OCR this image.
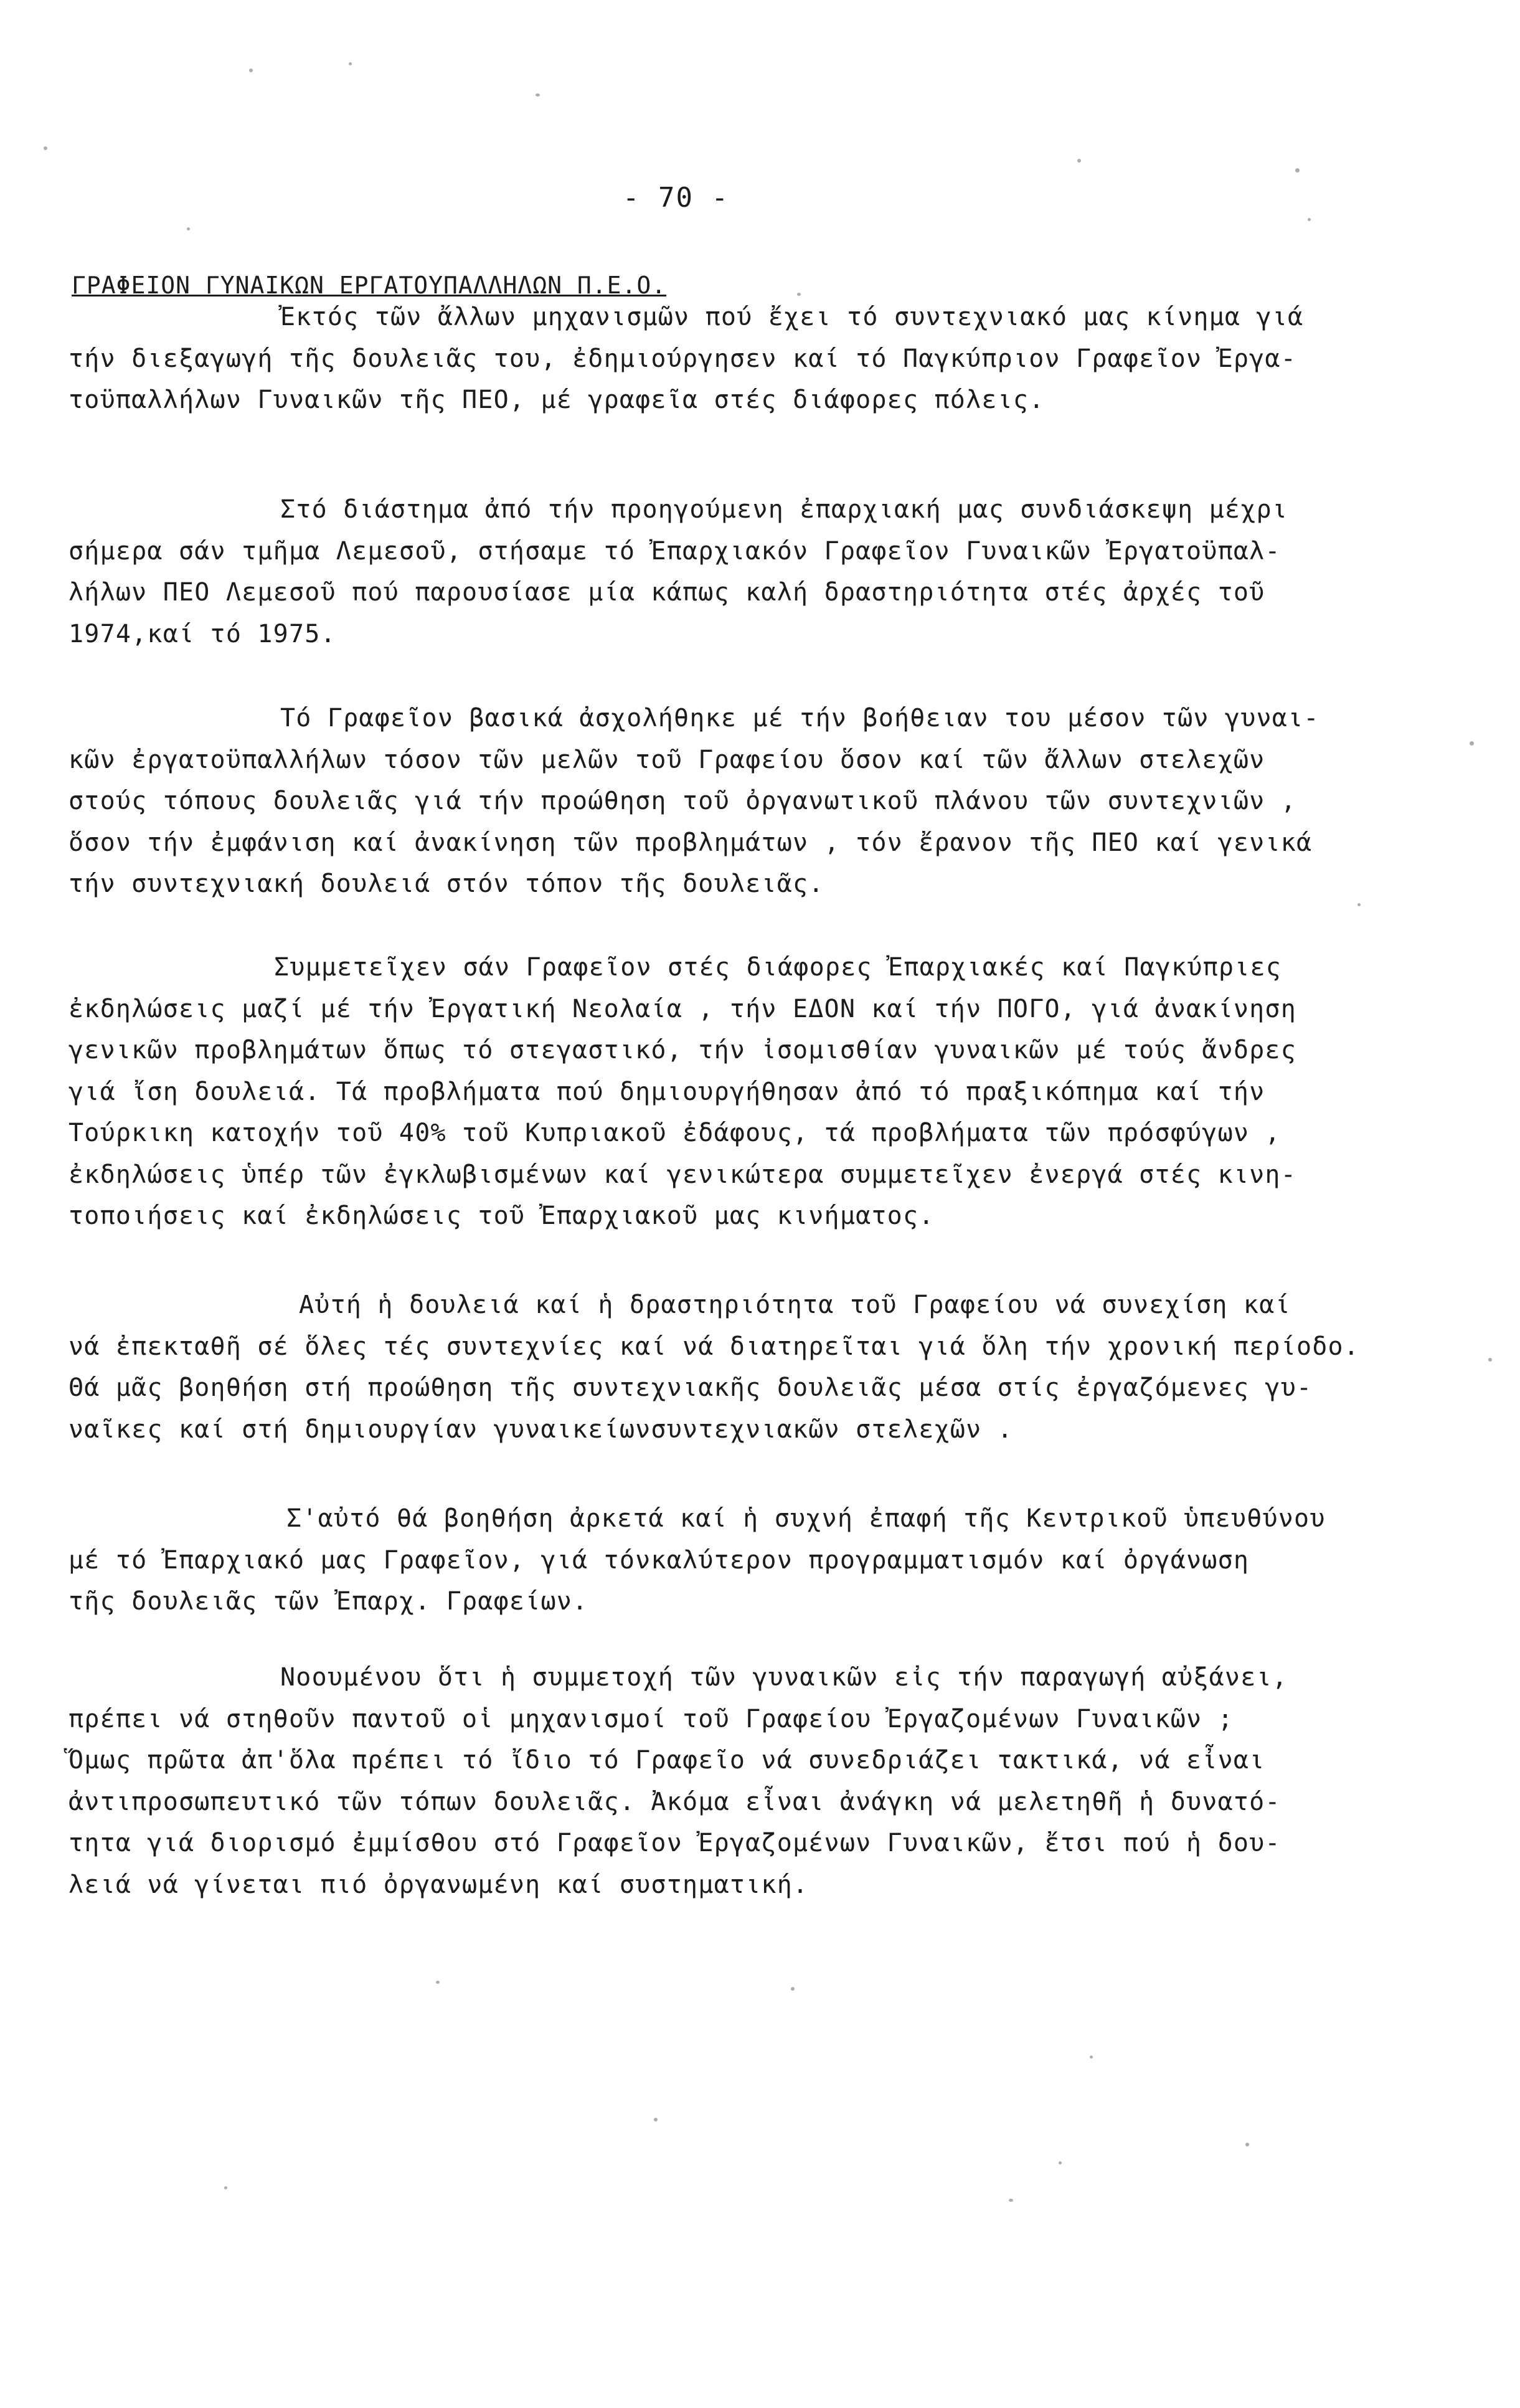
- 70 -
ΓΡΑΦΕΙΟΝ ΓΥΝΑΙΚΩΝ ΕΡΓΑΤΟΥΠΑΛΛΗΛΩΝ Π.Ε.Ο.

Ἐκτός τῶν ἄλλων μηχανισμῶν πού ἔχει τό συντεχνιακό μας κίνημα γιά
τήν διεξαγωγή τῆς δουλειᾶς του, ἐδημιούργησεν καί τό Παγκύπριον Γραφεῖον Ἐργα-
τοϋπαλλήλων Γυναικῶν τῆς ΠΕΟ, μέ γραφεῖα στές διάφορες πόλεις.

Στό διάστημα ἀπό τήν προηγούμενη ἐπαρχιακή μας συνδιάσκεψη μέχρι
σήμερα σάν τμῆμα Λεμεσοῦ, στήσαμε τό Ἐπαρχιακόν Γραφεῖον Γυναικῶν Ἐργατοϋπαλ-
λήλων ΠΕΟ Λεμεσοῦ πού παρουσίασε μία κάπως καλή δραστηριότητα στές ἀρχές τοῦ
1974,καί τό 1975.

Τό Γραφεῖον βασικά ἀσχολήθηκε μέ τήν βοήθειαν του μέσον τῶν γυναι-
κῶν ἐργατοϋπαλλήλων τόσον τῶν μελῶν τοῦ Γραφείου ὅσον καί τῶν ἄλλων στελεχῶν
στούς τόπους δουλειᾶς γιά τήν προώθηση τοῦ ὀργανωτικοῦ πλάνου τῶν συντεχνιῶν ,
ὅσον τήν ἐμφάνιση καί ἀνακίνηση τῶν προβλημάτων , τόν ἔρανον τῆς ΠΕΟ καί γενικά
τήν συντεχνιακή δουλειά στόν τόπον τῆς δουλειᾶς.

Συμμετεῖχεν σάν Γραφεῖον στές διάφορες Ἐπαρχιακές καί Παγκύπριες
ἐκδηλώσεις μαζί μέ τήν Ἐργατική Νεολαία , τήν ΕΔΟΝ καί τήν ΠΟΓΟ, γιά ἀνακίνηση
γενικῶν προβλημάτων ὅπως τό στεγαστικό, τήν ἰσομισθίαν γυναικῶν μέ τούς ἄνδρες
γιά ἴση δουλειά. Τά προβλήματα πού δημιουργήθησαν ἀπό τό πραξικόπημα καί τήν
Τούρκικη κατοχήν τοῦ 40% τοῦ Κυπριακοῦ ἐδάφους, τά προβλήματα τῶν πρόσφύγων ,
ἐκδηλώσεις ὑπέρ τῶν ἐγκλωβισμένων καί γενικώτερα συμμετεῖχεν ἐνεργά στές κινη-
τοποιήσεις καί ἐκδηλώσεις τοῦ Ἐπαρχιακοῦ μας κινήματος.

Αὐτή ἡ δουλειά καί ἡ δραστηριότητα τοῦ Γραφείου νά συνεχίση καί
νά ἐπεκταθῆ σέ ὅλες τές συντεχνίες καί νά διατηρεῖται γιά ὅλη τήν χρονική περίοδο.
Θά μᾶς βοηθήση στή προώθηση τῆς συντεχνιακῆς δουλειᾶς μέσα στίς ἐργαζόμενες γυ-
ναῖκες καί στή δημιουργίαν γυναικείωνσυντεχνιακῶν στελεχῶν .

Σ'αὐτό θά βοηθήση ἀρκετά καί ἡ συχνή ἐπαφή τῆς Κεντρικοῦ ὑπευθύνου
μέ τό Ἐπαρχιακό μας Γραφεῖον, γιά τόνκαλύτερον προγραμματισμόν καί ὀργάνωση
τῆς δουλειᾶς τῶν Ἐπαρχ. Γραφείων.

Νοουμένου ὅτι ἡ συμμετοχή τῶν γυναικῶν εἰς τήν παραγωγή αὐξάνει,
πρέπει νά στηθοῦν παντοῦ οἱ μηχανισμοί τοῦ Γραφείου Ἐργαζομένων Γυναικῶν ;
Ὅμως πρῶτα ἀπ'ὅλα πρέπει τό ἴδιο τό Γραφεῖο νά συνεδριάζει τακτικά, νά εἶναι
ἀντιπροσωπευτικό τῶν τόπων δουλειᾶς. Ἀκόμα εἶναι ἀνάγκη νά μελετηθῆ ἡ δυνατό-
τητα γιά διορισμό ἐμμίσθου στό Γραφεῖον Ἐργαζομένων Γυναικῶν, ἔτσι πού ἡ δου-
λειά νά γίνεται πιό ὀργανωμένη καί συστηματική.
